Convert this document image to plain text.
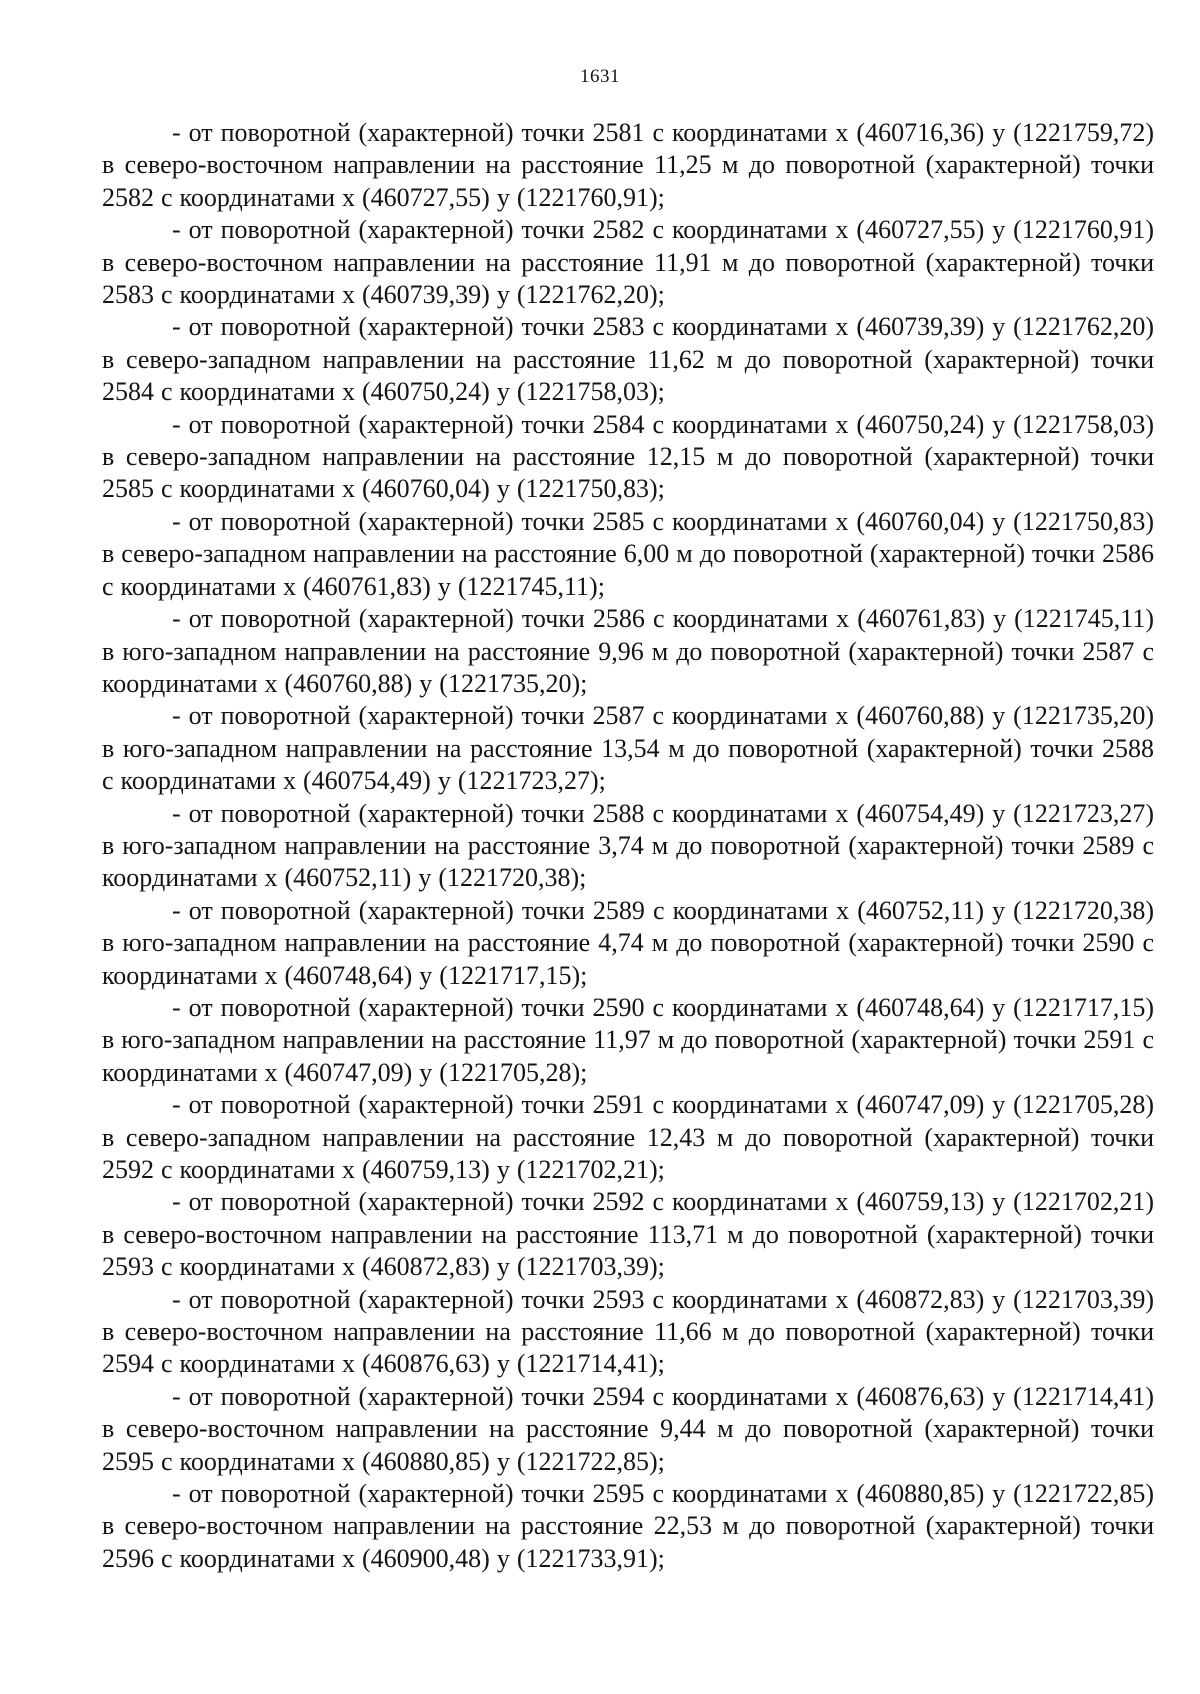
1631

- от поворотной (характерной) точки 2581 с координатами х (460716,36) у (1221759,72) в северо-восточном направлении на расстояние 11,25 м до поворотной (характерной) точки 2582 с координатами х (460727,55) у (1221760,91);

- от поворотной (характерной) точки 2582 с координатами х (460727,55) у (1221760,91) в северо-восточном направлении на расстояние 11,91 м до поворотной (характерной) точки 2583 с координатами х (460739,39) у (1221762,20);

- от поворотной (характерной) точки 2583 с координатами х (460739,39) у (1221762,20) в северо-западном направлении на расстояние 11,62 м до поворотной (характерной) точки 2584 с координатами х (460750,24) у (1221758,03);

- от поворотной (характерной) точки 2584 с координатами х (460750,24) у (1221758,03) в северо-западном направлении на расстояние 12,15 м до поворотной (характерной) точки 2585 с координатами х (460760,04) у (1221750,83);

- от поворотной (характерной) точки 2585 с координатами х (460760,04) у (1221750,83) в северо-западном направлении на расстояние 6,00 м до поворотной (характерной) точки 2586 с координатами х (460761,83) у (1221745,11);

- от поворотной (характерной) точки 2586 с координатами х (460761,83) у (1221745,11) в юго-западном направлении на расстояние 9,96 м до поворотной (характерной) точки 2587 с координатами х (460760,88) у (1221735,20);

- от поворотной (характерной) точки 2587 с координатами х (460760,88) у (1221735,20) в юго-западном направлении на расстояние 13,54 м до поворотной (характерной) точки 2588 с координатами х (460754,49) у (1221723,27);

- от поворотной (характерной) точки 2588 с координатами х (460754,49) у (1221723,27) в юго-западном направлении на расстояние 3,74 м до поворотной (характерной) точки 2589 с координатами х (460752,11) у (1221720,38);

- от поворотной (характерной) точки 2589 с координатами х (460752,11) у (1221720,38) в юго-западном направлении на расстояние 4,74 м до поворотной (характерной) точки 2590 с координатами х (460748,64) у (1221717,15);

- от поворотной (характерной) точки 2590 с координатами х (460748,64) у (1221717,15) в юго-западном направлении на расстояние 11,97 м до поворотной (характерной) точки 2591 с координатами х (460747,09) у (1221705,28);

- от поворотной (характерной) точки 2591 с координатами х (460747,09) у (1221705,28) в северо-западном направлении на расстояние 12,43 м до поворотной (характерной) точки 2592 с координатами х (460759,13) у (1221702,21);

- от поворотной (характерной) точки 2592 с координатами х (460759,13) у (1221702,21) в северо-восточном направлении на расстояние 113,71 м до поворотной (характерной) точки 2593 с координатами х (460872,83) у (1221703,39);

- от поворотной (характерной) точки 2593 с координатами х (460872,83) у (1221703,39) в северо-восточном направлении на расстояние 11,66 м до поворотной (характерной) точки 2594 с координатами х (460876,63) у (1221714,41);

- от поворотной (характерной) точки 2594 с координатами х (460876,63) у (1221714,41) в северо-восточном направлении на расстояние 9,44 м до поворотной (характерной) точки 2595 с координатами х (460880,85) у (1221722,85);

- от поворотной (характерной) точки 2595 с координатами х (460880,85) у (1221722,85) в северо-восточном направлении на расстояние 22,53 м до поворотной (характерной) точки 2596 с координатами х (460900,48) у (1221733,91);
